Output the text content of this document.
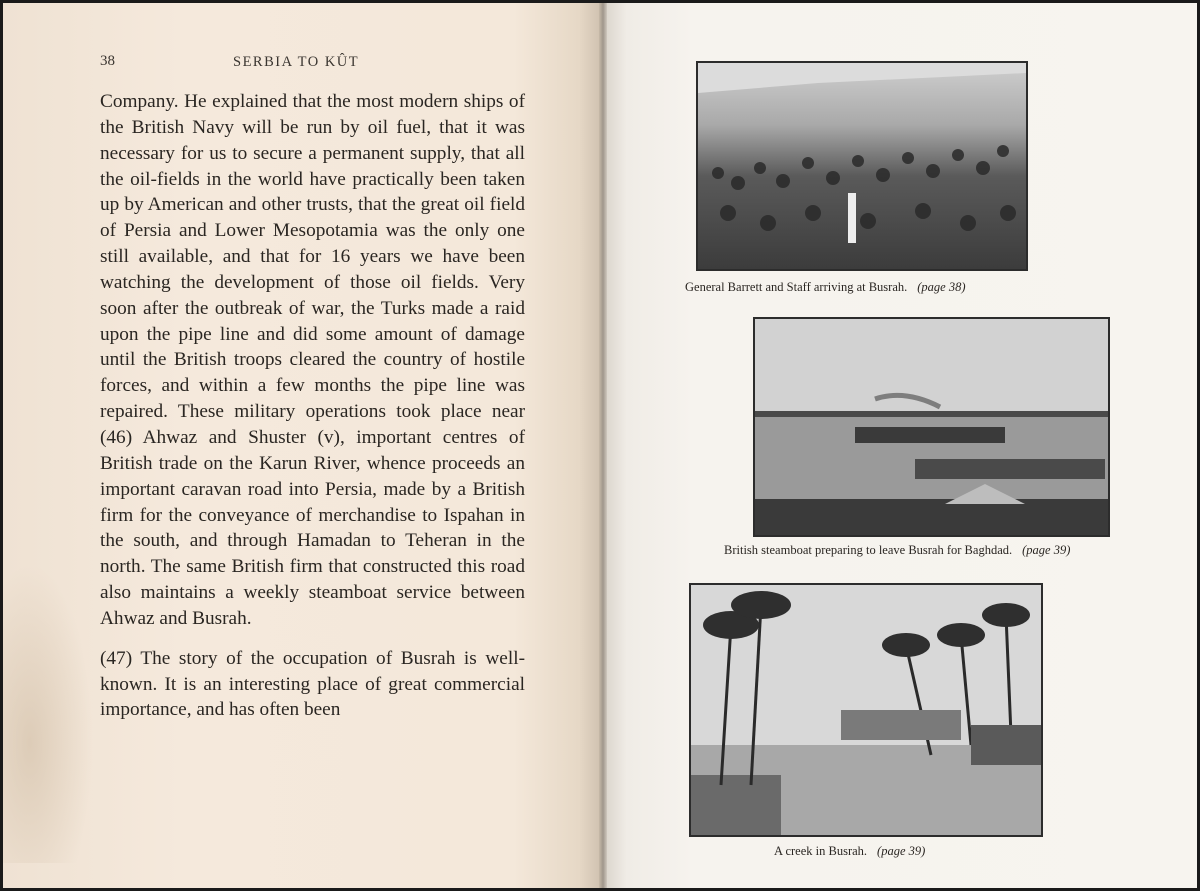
38	SERBIA TO KÛT

Company. He explained that the most modern ships of the British Navy will be run by oil fuel, that it was necessary for us to secure a permanent supply, that all the oil-fields in the world have practically been taken up by American and other trusts, that the great oil field of Persia and Lower Mesopotamia was the only one still available, and that for 16 years we have been watching the development of those oil fields. Very soon after the outbreak of war, the Turks made a raid upon the pipe line and did some amount of damage until the British troops cleared the country of hostile forces, and within a few months the pipe line was repaired. These military operations took place near (46) Ahwaz and Shuster (v), important centres of British trade on the Karun River, whence proceeds an important caravan road into Persia, made by a British firm for the conveyance of merchandise to Ispahan in the south, and through Hamadan to Teheran in the north. The same British firm that constructed this road also maintains a weekly steamboat service between Ahwaz and Busrah.

(47) The story of the occupation of Busrah is well-known. It is an interesting place of great commercial importance, and has often been

General Barrett and Staff arriving at Busrah. (page 38)
British steamboat preparing to leave Busrah for Baghdad. (page 39)
A creek in Busrah. (page 39)
